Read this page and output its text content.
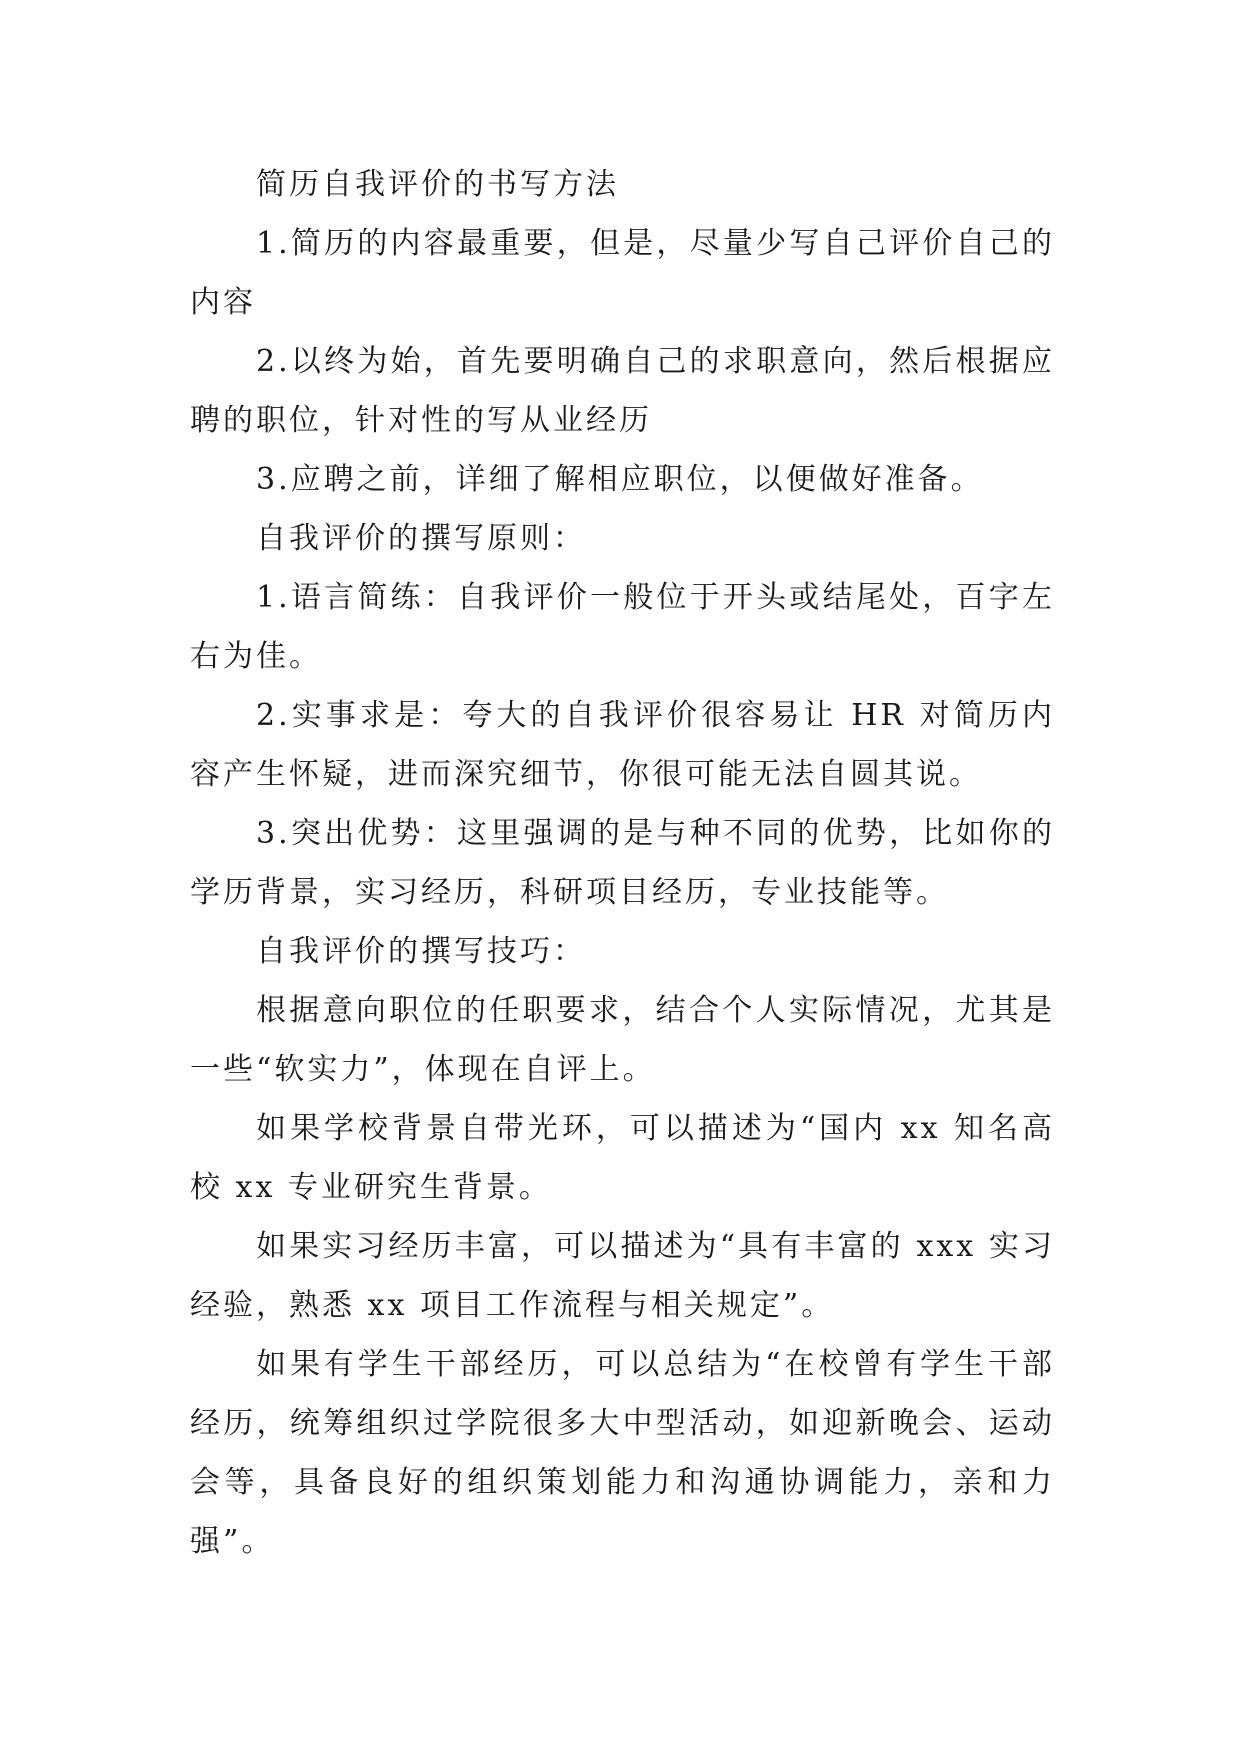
简历自我评价的书写方法

1.简历的内容最重要，但是，尽量少写自己评价自己的内容

2.以终为始，首先要明确自己的求职意向，然后根据应聘的职位，针对性的写从业经历

3.应聘之前，详细了解相应职位，以便做好准备。

自我评价的撰写原则：

1.语言简练：自我评价一般位于开头或结尾处，百字左右为佳。

2.实事求是：夸大的自我评价很容易让 HR 对简历内容产生怀疑，进而深究细节，你很可能无法自圆其说。

3.突出优势：这里强调的是与种不同的优势，比如你的学历背景，实习经历，科研项目经历，专业技能等。

自我评价的撰写技巧：

根据意向职位的任职要求，结合个人实际情况，尤其是一些“软实力”，体现在自评上。

如果学校背景自带光环，可以描述为“国内 xx 知名高校 xx 专业研究生背景。

如果实习经历丰富，可以描述为“具有丰富的 xxx 实习经验，熟悉 xx 项目工作流程与相关规定”。

如果有学生干部经历，可以总结为“在校曾有学生干部经历，统筹组织过学院很多大中型活动，如迎新晚会、运动会等，具备良好的组织策划能力和沟通协调能力，亲和力强”。
